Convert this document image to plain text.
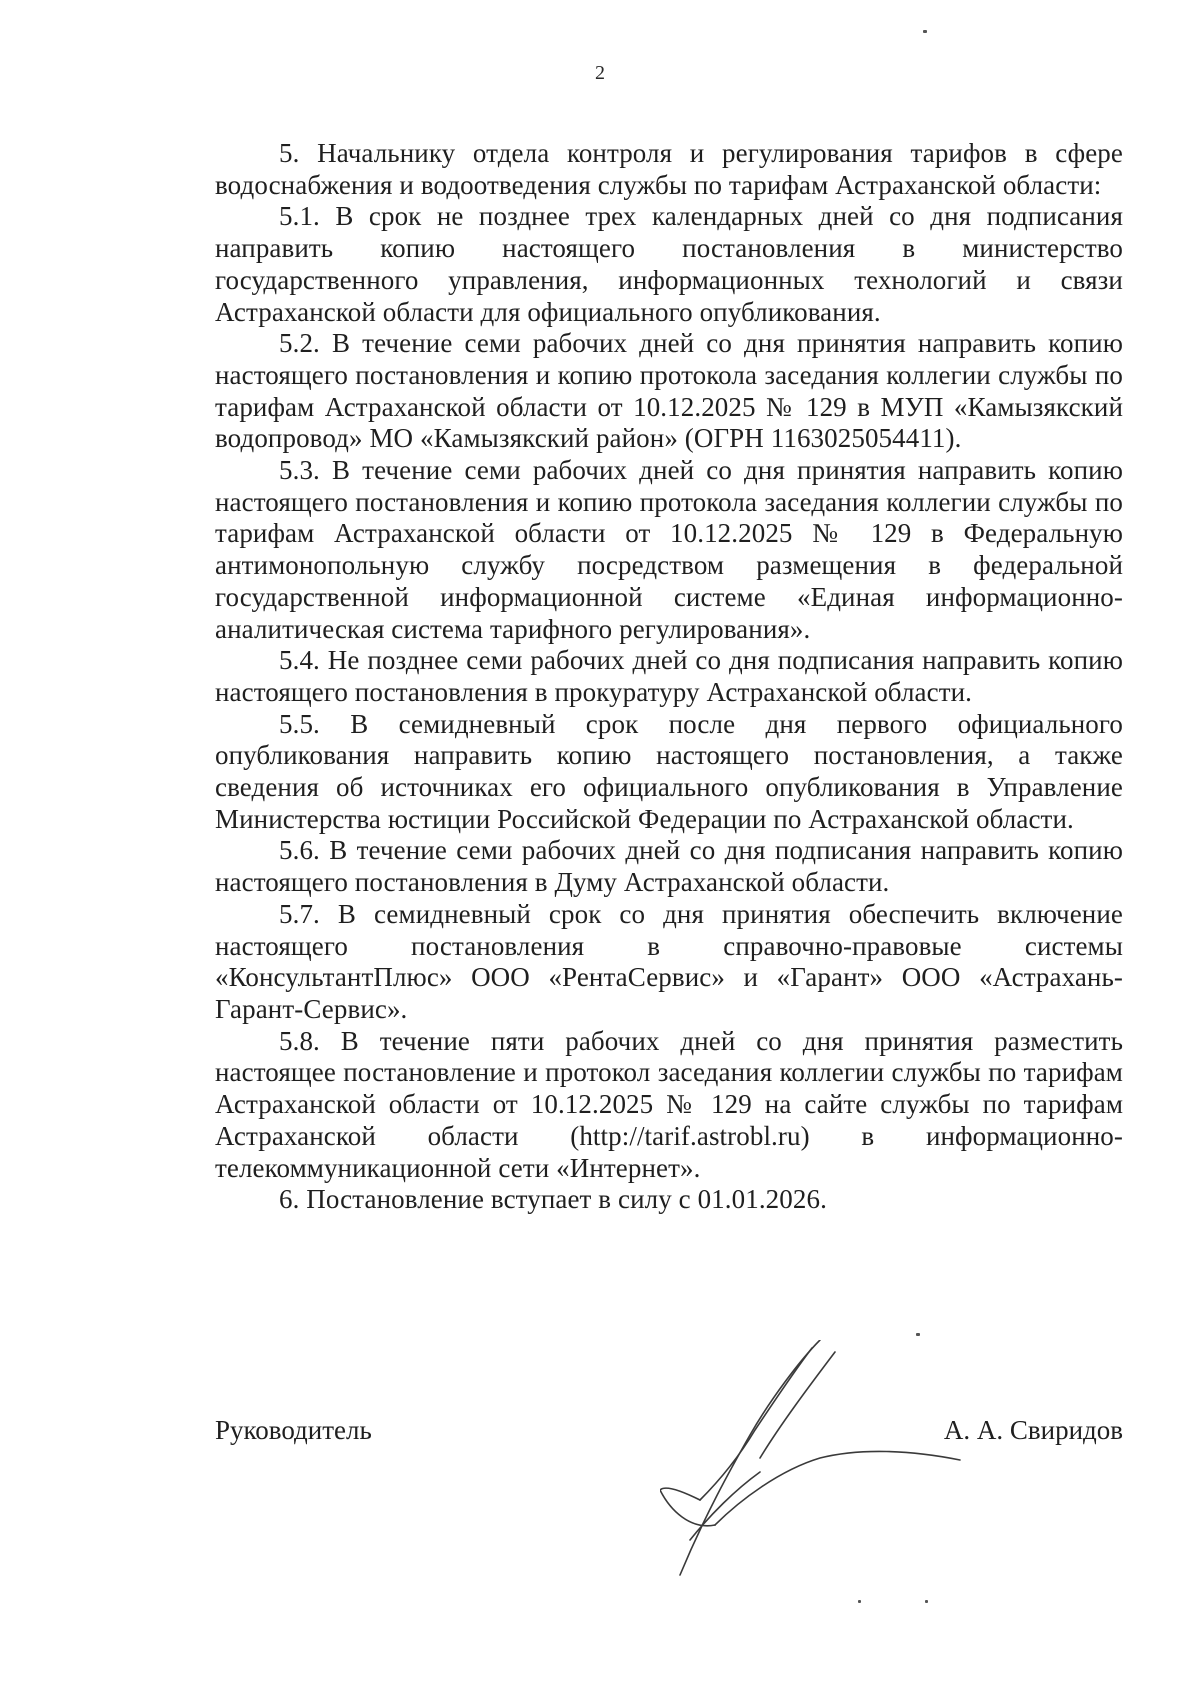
2

5. Начальнику отдела контроля и регулирования тарифов в сфере водоснабжения и водоотведения службы по тарифам Астраханской области:

5.1. В срок не позднее трех календарных дней со дня подписания направить копию настоящего постановления в министерство государственного управления, информационных технологий и связи Астраханской области для официального опубликования.

5.2. В течение семи рабочих дней со дня принятия направить копию настоящего постановления и копию протокола заседания коллегии службы по тарифам Астраханской области от 10.12.2025 № 129 в МУП «Камызякский водопровод» МО «Камызякский район» (ОГРН 1163025054411).

5.3. В течение семи рабочих дней со дня принятия направить копию настоящего постановления и копию протокола заседания коллегии службы по тарифам Астраханской области от 10.12.2025 № 129 в Федеральную антимонопольную службу посредством размещения в федеральной государственной информационной системе «Единая информационно-аналитическая система тарифного регулирования».

5.4. Не позднее семи рабочих дней со дня подписания направить копию настоящего постановления в прокуратуру Астраханской области.

5.5. В семидневный срок после дня первого официального опубликования направить копию настоящего постановления, а также сведения об источниках его официального опубликования в Управление Министерства юстиции Российской Федерации по Астраханской области.

5.6. В течение семи рабочих дней со дня подписания направить копию настоящего постановления в Думу Астраханской области.

5.7. В семидневный срок со дня принятия обеспечить включение настоящего постановления в справочно-правовые системы «КонсультантПлюс» ООО «РентаСервис» и «Гарант» ООО «Астрахань-Гарант-Сервис».

5.8. В течение пяти рабочих дней со дня принятия разместить настоящее постановление и протокол заседания коллегии службы по тарифам Астраханской области от 10.12.2025 № 129 на сайте службы по тарифам Астраханской области (http://tarif.astrobl.ru) в информационно-телекоммуникационной сети «Интернет».

6. Постановление вступает в силу с 01.01.2026.

Руководитель	А. А. Свиридов
